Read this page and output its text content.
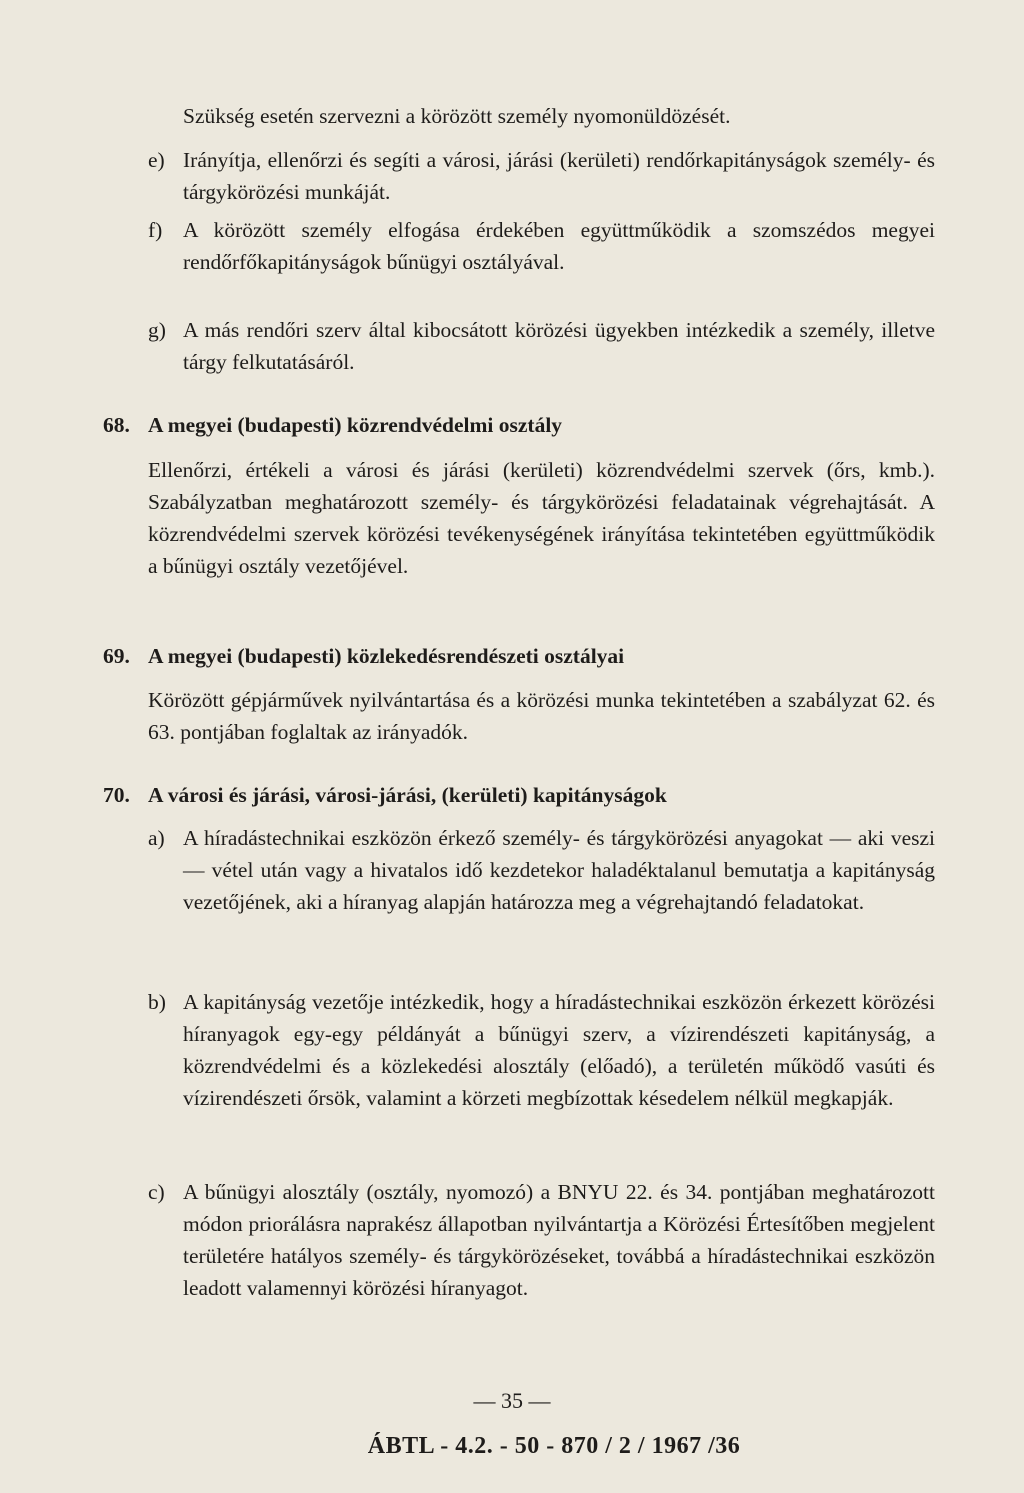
Szükség esetén szervezni a körözött személy nyomonüldözését.
e) Irányítja, ellenőrzi és segíti a városi, járási (kerületi) rendőrkapitányságok személy- és tárgykörözési munkáját.
f) A körözött személy elfogása érdekében együttműködik a szomszédos megyei rendőrfőkapitányságok bűnügyi osztályával.
g) A más rendőri szerv által kibocsátott körözési ügyekben intézkedik a személy, illetve tárgy felkutatásáról.
68. A megyei (budapesti) közrendvédelmi osztály
Ellenőrzi, értékeli a városi és járási (kerületi) közrendvédelmi szervek (őrs, kmb.). Szabályzatban meghatározott személy- és tárgykörözési feladatainak végrehajtását. A közrendvédelmi szervek körözési tevékenységének irányítása tekintetében együttműködik a bűnügyi osztály vezetőjével.
69. A megyei (budapesti) közlekedésrendészeti osztályai
Körözött gépjárművek nyilvántartása és a körözési munka tekintetében a szabályzat 62. és 63. pontjában foglaltak az irányadók.
70. A városi és járási, városi-járási, (kerületi) kapitányságok
a) A híradástechnikai eszközön érkező személy- és tárgykörözési anyagokat — aki veszi — vétel után vagy a hivatalos idő kezdetekor haladéktalanul bemutatja a kapitányság vezetőjének, aki a híranyag alapján határozza meg a végrehajtandó feladatokat.
b) A kapitányság vezetője intézkedik, hogy a híradástechnikai eszközön érkezett körözési híranyagok egy-egy példányát a bűnügyi szerv, a vízirendészeti kapitányság, a közrendvédelmi és a közlekedési alosztály (előadó), a területén működő vasúti és vízirendészeti őrsök, valamint a körzeti megbízottak késedelem nélkül megkapják.
c) A bűnügyi alosztály (osztály, nyomozó) a BNYU 22. és 34. pontjában meghatározott módon priorálásra naprakész állapotban nyilvántartja a Körözési Értesítőben megjelent területére hatályos személy- és tárgykörözéseket, továbbá a híradástechnikai eszközön leadott valamennyi körözési híranyagot.
— 35 —
ÁBTL - 4.2. - 50 - 870 / 2 / 1967 /36
